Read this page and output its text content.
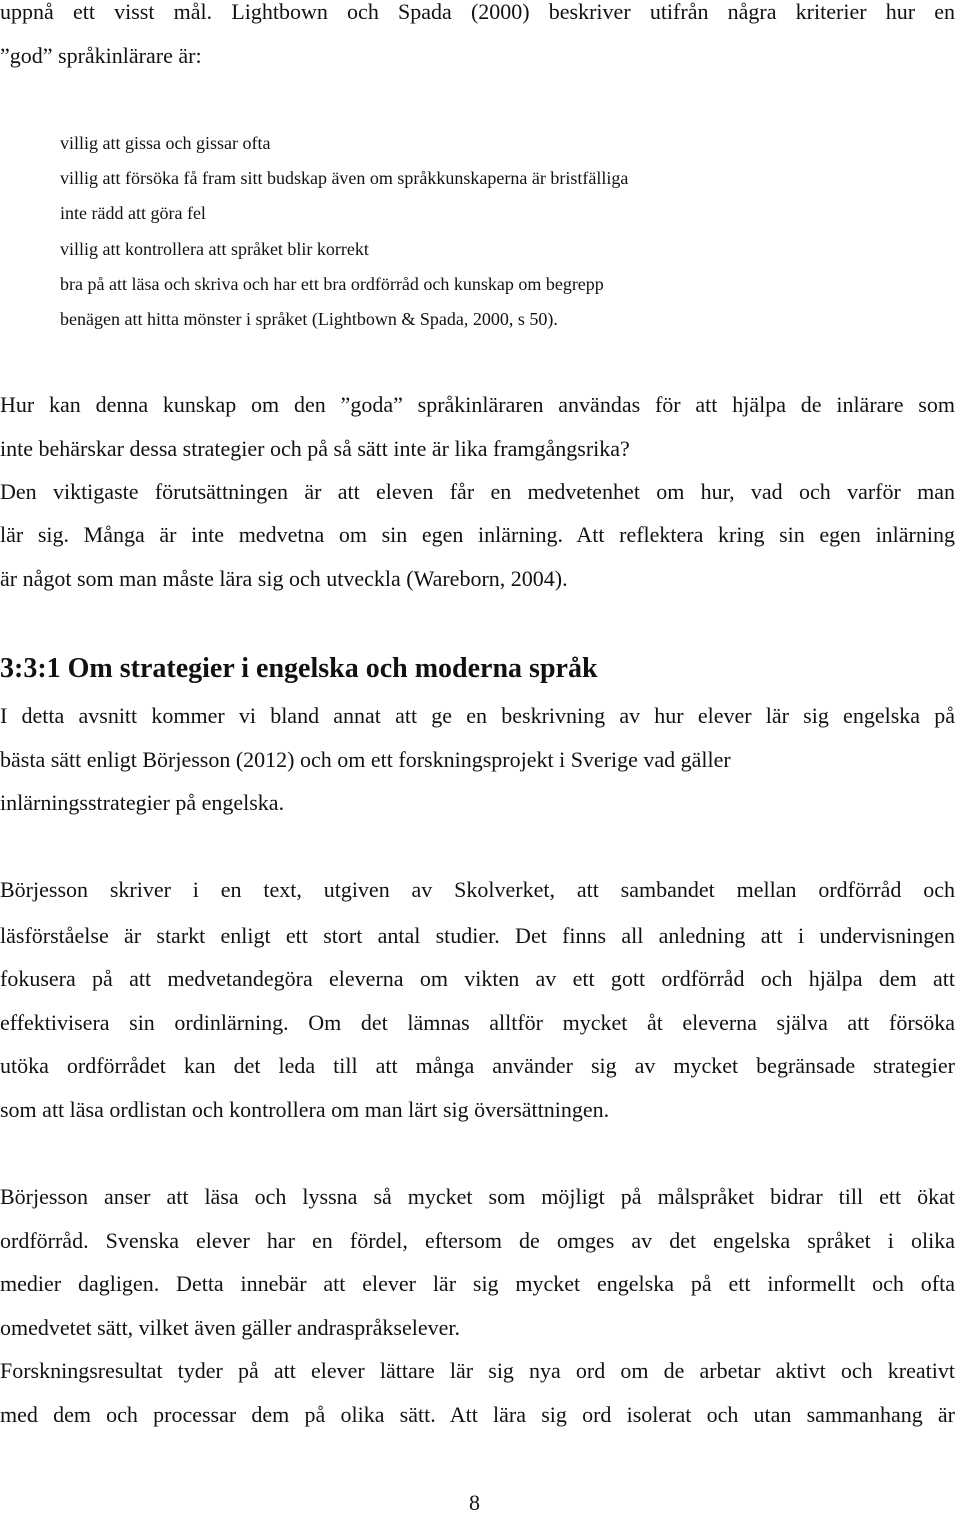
uppnå ett visst mål. Lightbown och Spada (2000) beskriver utifrån några kriterier hur en
”god” språkinlärare är:
villig att gissa och gissar ofta
villig att försöka få fram sitt budskap även om språkkunskaperna är bristfälliga
inte rädd att göra fel
villig att kontrollera att språket blir korrekt
bra på att läsa och skriva och har ett bra ordförråd och kunskap om begrepp
benägen att hitta mönster i språket (Lightbown & Spada, 2000, s 50).
Hur kan denna kunskap om den ”goda” språkinläraren användas för att hjälpa de inlärare som
inte behärskar dessa strategier och på så sätt inte är lika framgångsrika?
Den viktigaste förutsättningen är att eleven får en medvetenhet om hur, vad och varför man
lär sig. Många är inte medvetna om sin egen inlärning. Att reflektera kring sin egen inlärning
är något som man måste lära sig och utveckla (Wareborn, 2004).
3:3:1 Om strategier i engelska och moderna språk
I detta avsnitt kommer vi bland annat att ge en beskrivning av hur elever lär sig engelska på
bästa sätt enligt Börjesson (2012) och om ett forskningsprojekt i Sverige vad gäller
inlärningsstrategier på engelska.
Börjesson skriver i en text, utgiven av Skolverket, att sambandet mellan ordförråd och
läsförståelse är starkt enligt ett stort antal studier. Det finns all anledning att i undervisningen
fokusera på att medvetandegöra eleverna om vikten av ett gott ordförråd och hjälpa dem att
effektivisera sin ordinlärning. Om det lämnas alltför mycket åt eleverna själva att försöka
utöka ordförrådet kan det leda till att många använder sig av mycket begränsade strategier
som att läsa ordlistan och kontrollera om man lärt sig översättningen.
Börjesson anser att läsa och lyssna så mycket som möjligt på målspråket bidrar till ett ökat
ordförråd. Svenska elever har en fördel, eftersom de omges av det engelska språket i olika
medier dagligen. Detta innebär att elever lär sig mycket engelska på ett informellt och ofta
omedvetet sätt, vilket även gäller andraspråkselever.
Forskningsresultat tyder på att elever lättare lär sig nya ord om de arbetar aktivt och kreativt
med dem och processar dem på olika sätt. Att lära sig ord isolerat och utan sammanhang är
8
